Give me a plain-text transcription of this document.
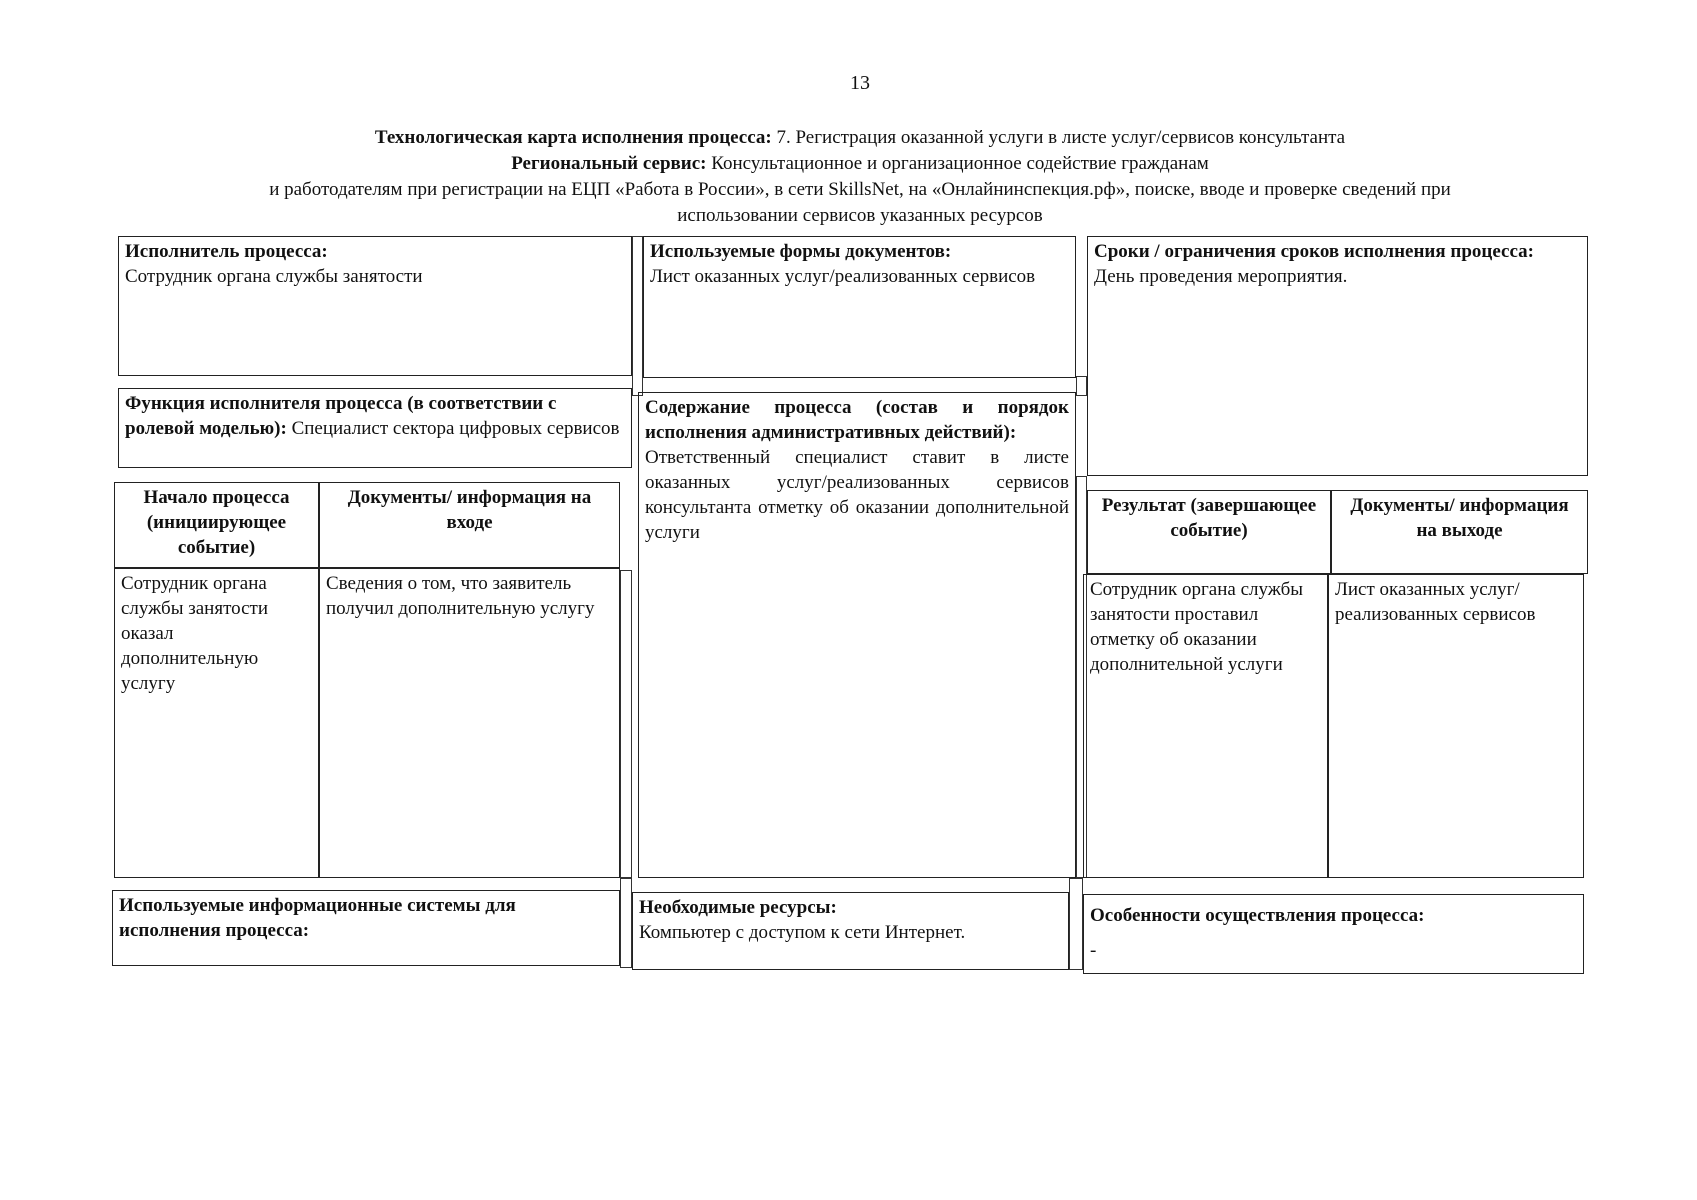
13
Технологическая карта исполнения процесса: 7. Регистрация оказанной услуги в листе услуг/сервисов консультанта
Региональный сервис: Консультационное и организационное содействие гражданам
и работодателям при регистрации на ЕЦП «Работа в России», в сети SkillsNet, на «Онлайнинспекция.рф», поиске, вводе и проверке сведений при
использовании сервисов указанных ресурсов
Исполнитель процесса:
Сотрудник органа службы занятости
Используемые формы документов:
Лист оказанных услуг/реализованных сервисов
Сроки / ограничения сроков исполнения процесса:
День проведения мероприятия.
Функция исполнителя процесса (в соответствии с ролевой моделью): Специалист сектора цифровых сервисов
Содержание процесса (состав и порядок исполнения административных действий):
Ответственный специалист ставит в листе оказанных услуг/реализованных сервисов консультанта отметку об оказании дополнительной услуги
Начало процесса (инициирующее событие)
Документы/ информация на входе
Сотрудник органа службы занятости оказал дополнительную услугу
Сведения о том, что заявитель получил дополнительную услугу
Результат (завершающее событие)
Документы/ информация на выходе
Сотрудник органа службы занятости проставил отметку об оказании дополнительной услуги
Лист оказанных услуг/реализованных сервисов
Используемые информационные системы для исполнения процесса:
Необходимые ресурсы:
Компьютер с доступом к сети Интернет.
Особенности осуществления процесса:
-
